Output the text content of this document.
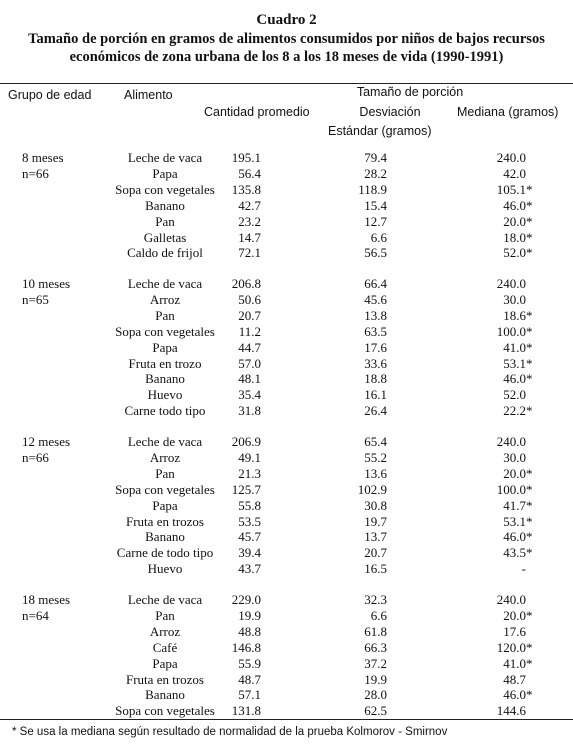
Cuadro 2
Tamaño de porción en gramos de alimentos consumidos por niños de bajos recursos
económicos de zona urbana de los 8 a los 18 meses de vida (1990-1991)
Grupo de edad	Alimento	Tamaño de porción
Cantidad promedio	Desviación
Estándar (gramos)
Mediana (gramos)
8 meses
n=66
Leche de vaca	195.1	79.4	240.0
Papa	56.4	28.2	42.0
Sopa con vegetales	135.8	118.9	105.1*
Banano	42.7	15.4	46.0*
Pan	23.2	12.7	20.0*
Galletas	14.7	6.6	18.0*
Caldo de frijol	72.1	56.5	52.0*
10 meses
n=65
Leche de vaca	206.8	66.4	240.0
Arroz	50.6	45.6	30.0
Pan	20.7	13.8	18.6*
Sopa con vegetales	11.2	63.5	100.0*
Papa	44.7	17.6	41.0*
Fruta en trozo	57.0	33.6	53.1*
Banano	48.1	18.8	46.0*
Huevo	35.4	16.1	52.0
Carne todo tipo	31.8	26.4	22.2*
12 meses
n=66
Leche de vaca	206.9	65.4	240.0
Arroz	49.1	55.2	30.0
Pan	21.3	13.6	20.0*
Sopa con vegetales	125.7	102.9	100.0*
Papa	55.8	30.8	41.7*
Fruta en trozos	53.5	19.7	53.1*
Banano	45.7	13.7	46.0*
Carne de todo tipo	39.4	20.7	43.5*
Huevo	43.7	16.5	-
18 meses
n=64
Leche de vaca	229.0	32.3	240.0
Pan	19.9	6.6	20.0*
Arroz	48.8	61.8	17.6
Café	146.8	66.3	120.0*
Papa	55.9	37.2	41.0*
Fruta en trozos	48.7	19.9	48.7
Banano	57.1	28.0	46.0*
Sopa con vegetales	131.8	62.5	144.6
* Se usa la mediana según resultado de normalidad de la prueba Kolmorov - Smirnov
